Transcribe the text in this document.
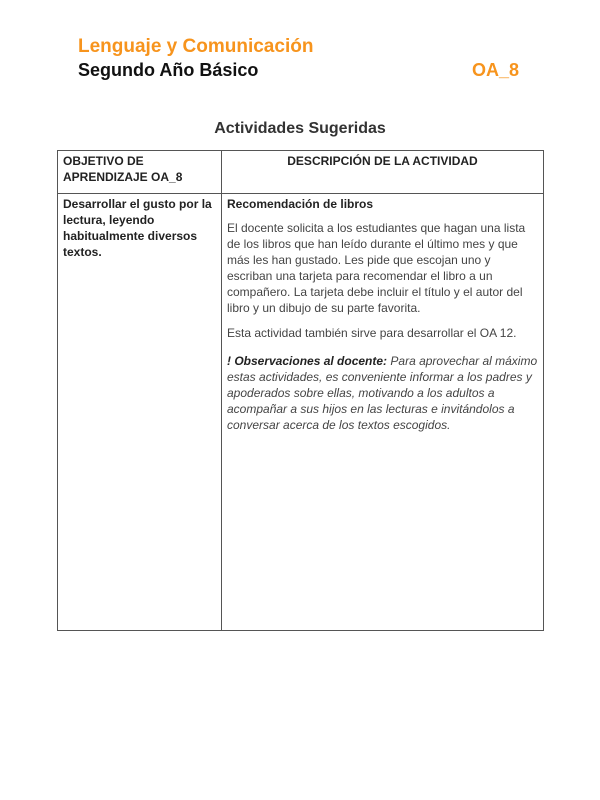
Lenguaje y Comunicación
Segundo Año Básico	OA_8
Actividades Sugeridas
OBJETIVO DE APRENDIZAJE OA_8	DESCRIPCIÓN DE LA ACTIVIDAD

Desarrollar el gusto por la lectura, leyendo habitualmente diversos textos.	Recomendación de libros

El docente solicita a los estudiantes que hagan una lista de los libros que han leído durante el último mes y que más les han gustado. Les pide que escojan uno y escriban una tarjeta para recomendar el libro a un compañero. La tarjeta debe incluir el título y el autor del libro y un dibujo de su parte favorita.

Esta actividad también sirve para desarrollar el OA 12.

! Observaciones al docente: Para aprovechar al máximo estas actividades, es conveniente informar a los padres y apoderados sobre ellas, motivando a los adultos a acompañar a sus hijos en las lecturas e invitándolos a conversar acerca de los textos escogidos.
